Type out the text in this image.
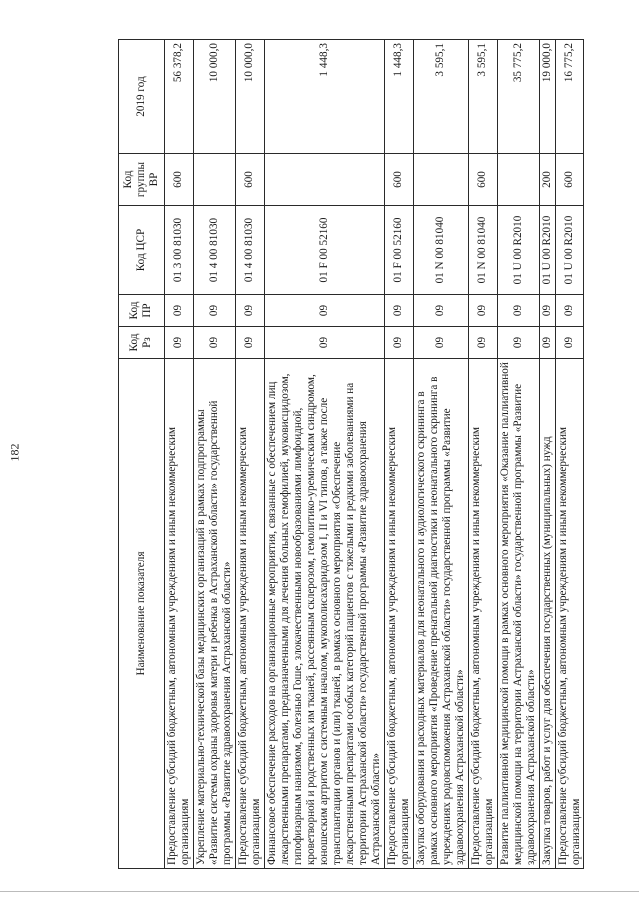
182
Наименование показателя	Код Рз	Код ПР	Код ЦСР	Код группы ВР	2019 год
Предоставление субсидий бюджетным, автономным учреждениям и иным некоммерческим организациям	09	09	01 3 00 81030	600	56 378,2
Укрепление материально-технической базы медицинских организаций в рамках подпрограммы «Развитие системы охраны здоровья матери и ребенка в Астраханской области» государственной программы «Развитие здравоохранения Астраханской области»	09	09	01 4 00 81030		10 000,0
Предоставление субсидий бюджетным, автономным учреждениям и иным некоммерческим организациям	09	09	01 4 00 81030	600	10 000,0
Финансовое обеспечение расходов на организационные мероприятия, связанные с обеспечением лиц лекарственными препаратами, предназначенными для лечения больных гемофилией, муковисцидозом, гипофизарным нанизмом, болезнью Гоше, злокачественными новообразованиями лимфоидной, кроветворной и родственных им тканей, рассеянным склерозом, гемолитико-уремическим синдромом, юношеским артритом с системным началом, мукополисахаридозом I, II и VI типов, а также после трансплантации органов и (или) тканей, в рамках основного мероприятия «Обеспечение лекарственными препаратами особых категорий пациентов с тяжелыми и редкими заболеваниями на территории Астраханской области» государственной программы «Развитие здравоохранения Астраханской области»	09	09	01 F 00 52160		1 448,3
Предоставление субсидий бюджетным, автономным учреждениям и иным некоммерческим организациям	09	09	01 F 00 52160	600	1 448,3
Закупка оборудования и расходных материалов для неонатального и аудиологического скрининга в рамках основного мероприятия «Проведение пренатальной диагностики и неонатального скрининга в учреждениях родовспоможения Астраханской области» государственной программы «Развитие здравоохранения Астраханской области»	09	09	01 N 00 81040		3 595,1
Предоставление субсидий бюджетным, автономным учреждениям и иным некоммерческим организациям	09	09	01 N 00 81040	600	3 595,1
Развитие паллиативной медицинской помощи в рамках основного мероприятия «Оказание паллиативной медицинской помощи на территории Астраханской области» государственной программы «Развитие здравоохранения Астраханской области»	09	09	01 U 00 R2010		35 775,2
Закупка товаров, работ и услуг для обеспечения государственных (муниципальных) нужд	09	09	01 U 00 R2010	200	19 000,0
Предоставление субсидий бюджетным, автономным учреждениям и иным некоммерческим организациям	09	09	01 U 00 R2010	600	16 775,2
